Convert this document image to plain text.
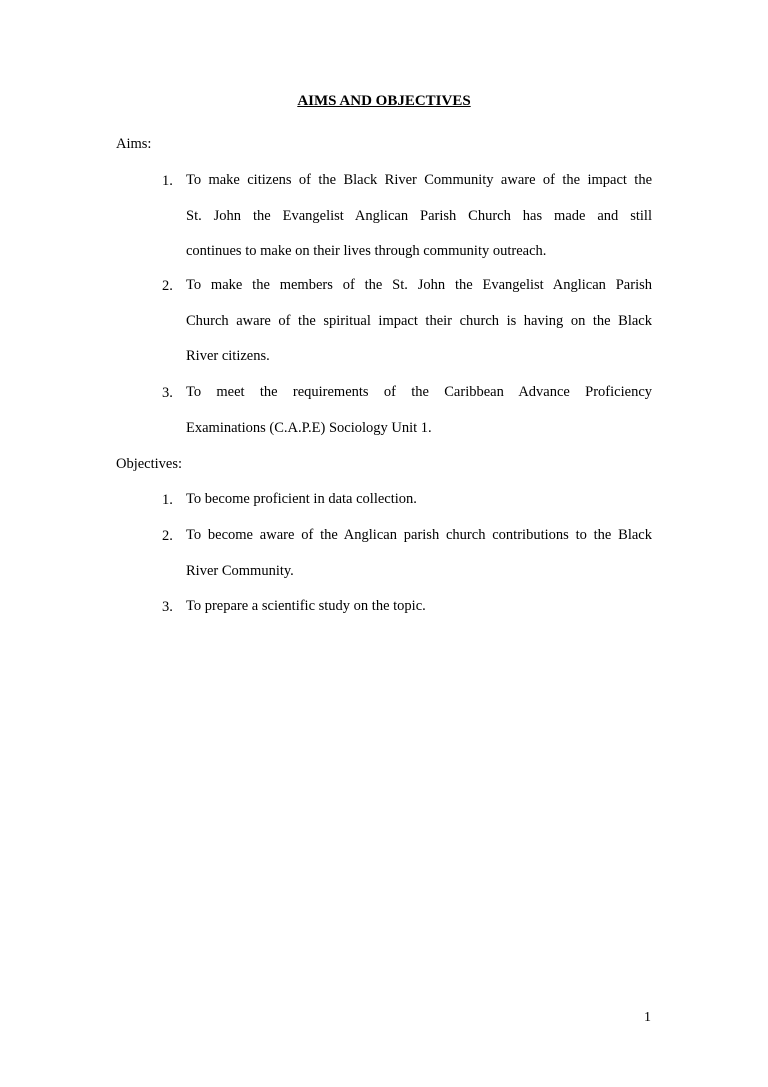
AIMS AND OBJECTIVES
Aims:
1. To make citizens of the Black River Community aware of the impact the
St. John the Evangelist Anglican Parish Church has made and still
continues to make on their lives through community outreach.
2. To make the members of the St. John the Evangelist Anglican Parish
Church aware of the spiritual impact their church is having on the Black
River citizens.
3. To meet the requirements of the Caribbean Advance Proficiency
Examinations (C.A.P.E) Sociology Unit 1.
Objectives:
1. To become proficient in data collection.
2. To become aware of the Anglican parish church contributions to the Black
River Community.
3. To prepare a scientific study on the topic.
1
